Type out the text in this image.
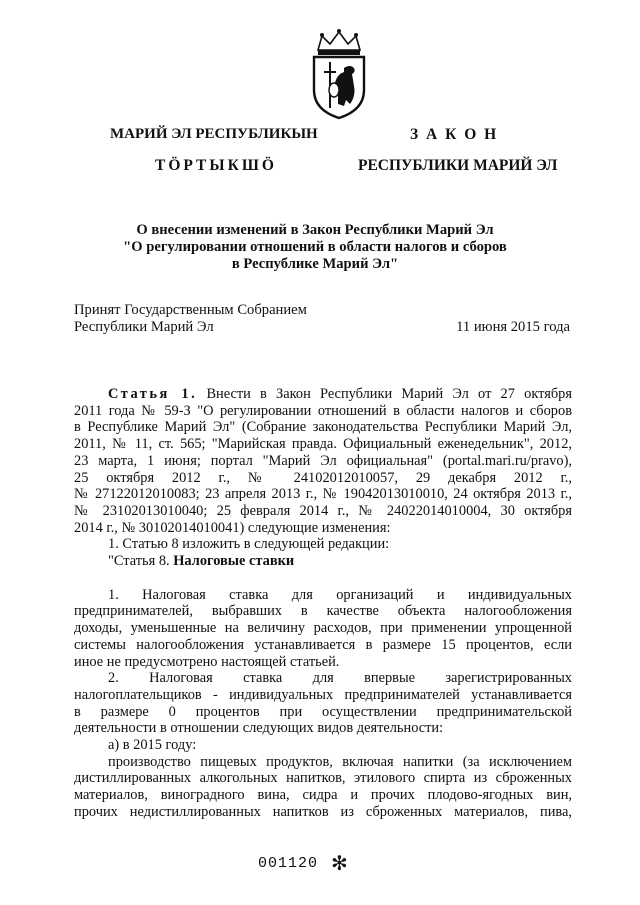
МАРИЙ ЭЛ РЕСПУБЛИКЫН
ТӦРТЫКШӦ
З А К О Н
РЕСПУБЛИКИ МАРИЙ ЭЛ
О внесении изменений в Закон Республики Марий Эл
"О регулировании отношений в области налогов и сборов
в Республике Марий Эл"
Принят Государственным Собранием
Республики Марий Эл	11 июня 2015 года

Статья 1. Внести в Закон Республики Марий Эл от 27 октября

2011 года № 59-З "О регулировании отношений в области налогов и сборов

в Республике Марий Эл" (Собрание законодательства Республики Марий Эл,

2011, № 11, ст. 565; "Марийская правда. Официальный еженедельник", 2012,

23 марта, 1 июня; портал "Марий Эл официальная" (portal.mari.ru/pravo),

25 октября 2012 г., № 24102012010057, 29 декабря 2012 г.,

№ 27122012010083; 23 апреля 2013 г., № 19042013010010, 24 октября 2013 г.,

№ 23102013010040; 25 февраля 2014 г., № 24022014010004, 30 октября

2014 г., № 30102014010041) следующие изменения:

1. Статью 8 изложить в следующей редакции:

"Статья 8. Налоговые ставки

1. Налоговая ставка для организаций и индивидуальных

предпринимателей, выбравших в качестве объекта налогообложения

доходы, уменьшенные на величину расходов, при применении упрощенной

системы налогообложения устанавливается в размере 15 процентов, если

иное не предусмотрено настоящей статьей.

2. Налоговая ставка для впервые зарегистрированных

налогоплательщиков - индивидуальных предпринимателей устанавливается

в размере 0 процентов при осуществлении предпринимательской

деятельности в отношении следующих видов деятельности:

а) в 2015 году:

производство пищевых продуктов, включая напитки (за исключением

дистиллированных алкогольных напитков, этилового спирта из сброженных

материалов, виноградного вина, сидра и прочих плодово-ягодных вин,

прочих недистиллированных напитков из сброженных материалов, пива,

001120 ✻
